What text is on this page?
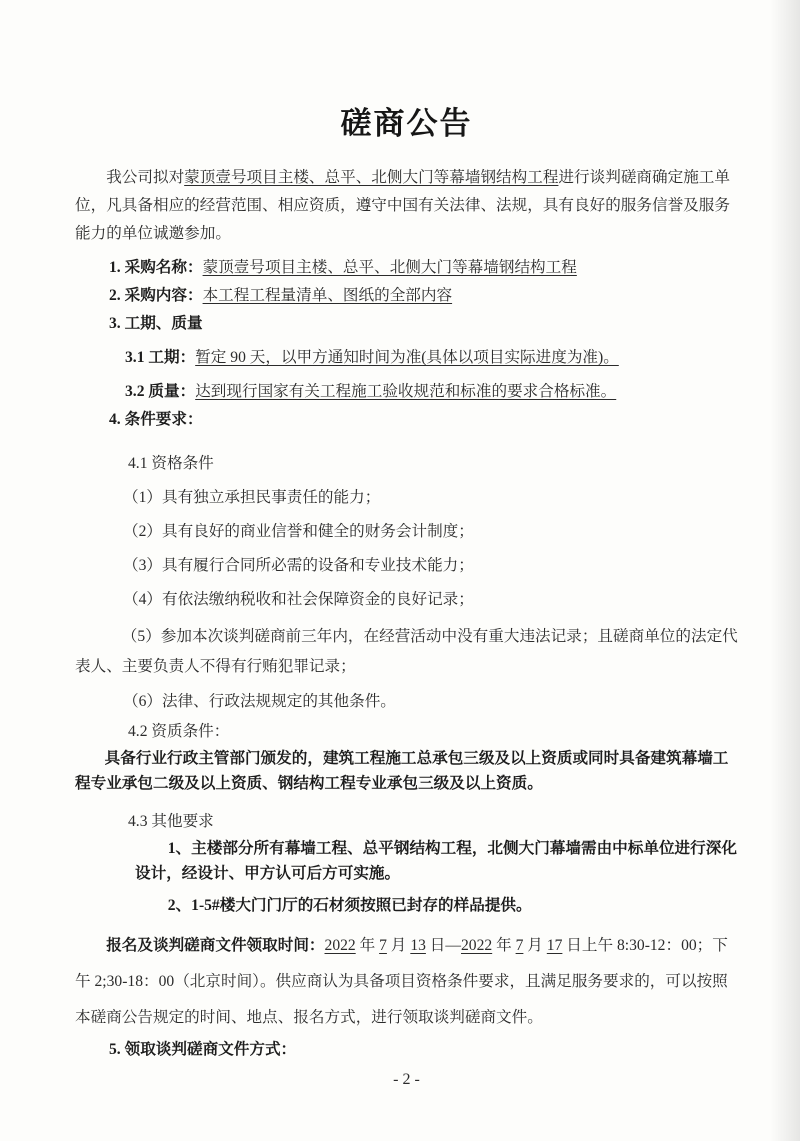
磋商公告

我公司拟对蒙顶壹号项目主楼、总平、北侧大门等幕墙钢结构工程进行谈判磋商确定施工单位，凡具备相应的经营范围、相应资质，遵守中国有关法律、法规，具有良好的服务信誉及服务能力的单位诚邀参加。

1. 采购名称：蒙顶壹号项目主楼、总平、北侧大门等幕墙钢结构工程

2. 采购内容：本工程工程量清单、图纸的全部内容

3. 工期、质量

3.1 工期：暂定 90 天，以甲方通知时间为准(具体以项目实际进度为准)。

3.2 质量：达到现行国家有关工程施工验收规范和标准的要求合格标准。

4. 条件要求：

4.1 资格条件

（1）具有独立承担民事责任的能力；

（2）具有良好的商业信誉和健全的财务会计制度；

（3）具有履行合同所必需的设备和专业技术能力；

（4）有依法缴纳税收和社会保障资金的良好记录；

（5）参加本次谈判磋商前三年内，在经营活动中没有重大违法记录；且磋商单位的法定代表人、主要负责人不得有行贿犯罪记录；

（6）法律、行政法规规定的其他条件。

4.2 资质条件：

具备行业行政主管部门颁发的，建筑工程施工总承包三级及以上资质或同时具备建筑幕墙工程专业承包二级及以上资质、钢结构工程专业承包三级及以上资质。

4.3 其他要求

1、主楼部分所有幕墙工程、总平钢结构工程，北侧大门幕墙需由中标单位进行深化设计，经设计、甲方认可后方可实施。

2、1-5#楼大门门厅的石材须按照已封存的样品提供。

报名及谈判磋商文件领取时间：2022 年 7 月 13 日—2022 年 7 月 17 日上午 8:30-12：00；下午 2;30-18：00（北京时间）。供应商认为具备项目资格条件要求，且满足服务要求的，可以按照本磋商公告规定的时间、地点、报名方式，进行领取谈判磋商文件。

5. 领取谈判磋商文件方式：

- 2 -
